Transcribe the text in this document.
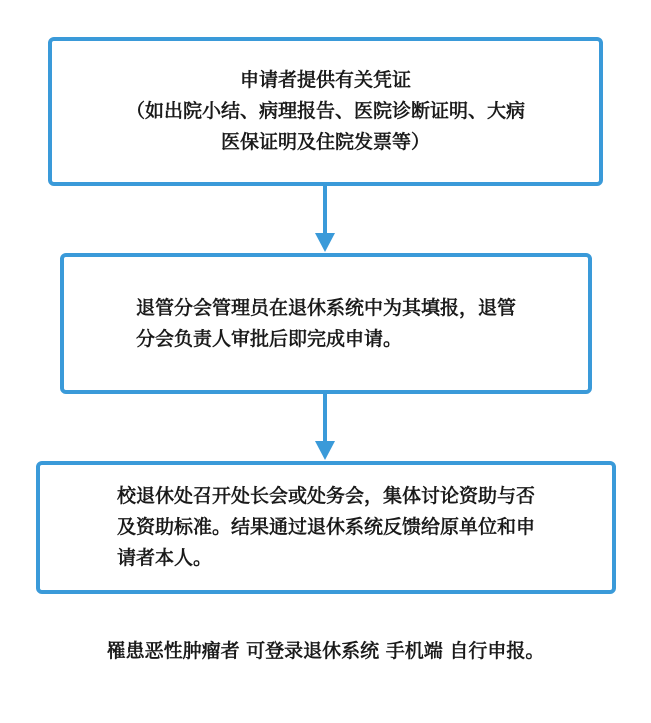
申请者提供有关凭证
（如出院小结、病理报告、医院诊断证明、大病
医保证明及住院发票等）
退管分会管理员在退休系统中为其填报，退管
分会负责人审批后即完成申请。
校退休处召开处长会或处务会，集体讨论资助与否
及资助标准。结果通过退休系统反馈给原单位和申
请者本人。
罹患恶性肿瘤者 可登录退休系统 手机端 自行申报。
